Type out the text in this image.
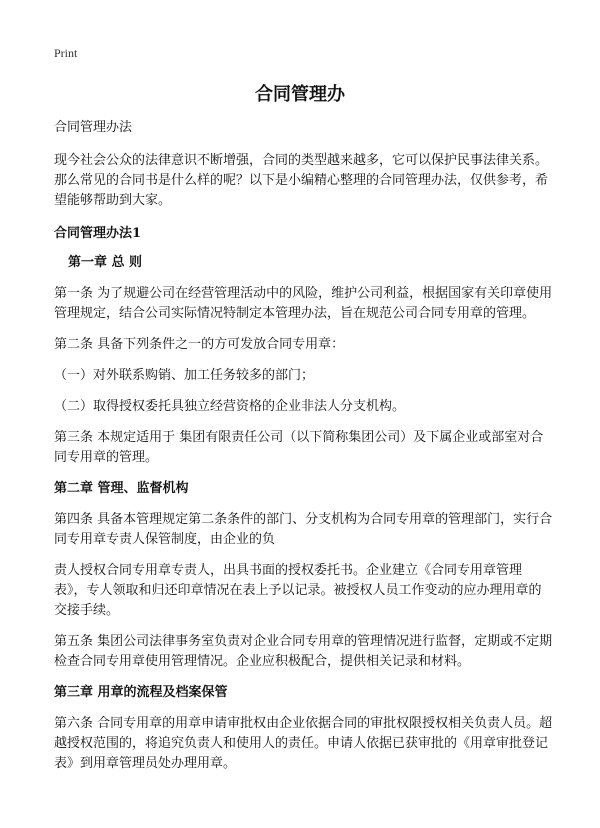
Print
合同管理办

合同管理办法

现今社会公众的法律意识不断增强，合同的类型越来越多，它可以保护民事法律关系。那么常见的合同书是什么样的呢？以下是小编精心整理的合同管理办法，仅供参考，希望能够帮助到大家。

合同管理办法1

第一章 总 则

第一条 为了规避公司在经营管理活动中的风险，维护公司利益，根据国家有关印章使用管理规定，结合公司实际情况特制定本管理办法，旨在规范公司合同专用章的管理。

第二条 具备下列条件之一的方可发放合同专用章：

（一）对外联系购销、加工任务较多的部门；

（二）取得授权委托具独立经营资格的企业非法人分支机构。

第三条 本规定适用于 集团有限责任公司（以下简称集团公司）及下属企业或部室对合同专用章的管理。

第二章 管理、监督机构

第四条 具备本管理规定第二条条件的部门、分支机构为合同专用章的管理部门，实行合同专用章专责人保管制度，由企业的负

责人授权合同专用章专责人，出具书面的授权委托书。企业建立《合同专用章管理表》，专人领取和归还印章情况在表上予以记录。被授权人员工作变动的应办理用章的交接手续。

第五条 集团公司法律事务室负责对企业合同专用章的管理情况进行监督，定期或不定期检查合同专用章使用管理情况。企业应积极配合，提供相关记录和材料。

第三章 用章的流程及档案保管

第六条 合同专用章的用章申请审批权由企业依据合同的审批权限授权相关负责人员。超越授权范围的，将追究负责人和使用人的责任。申请人依据已获审批的《用章审批登记表》到用章管理员处办理用章。
